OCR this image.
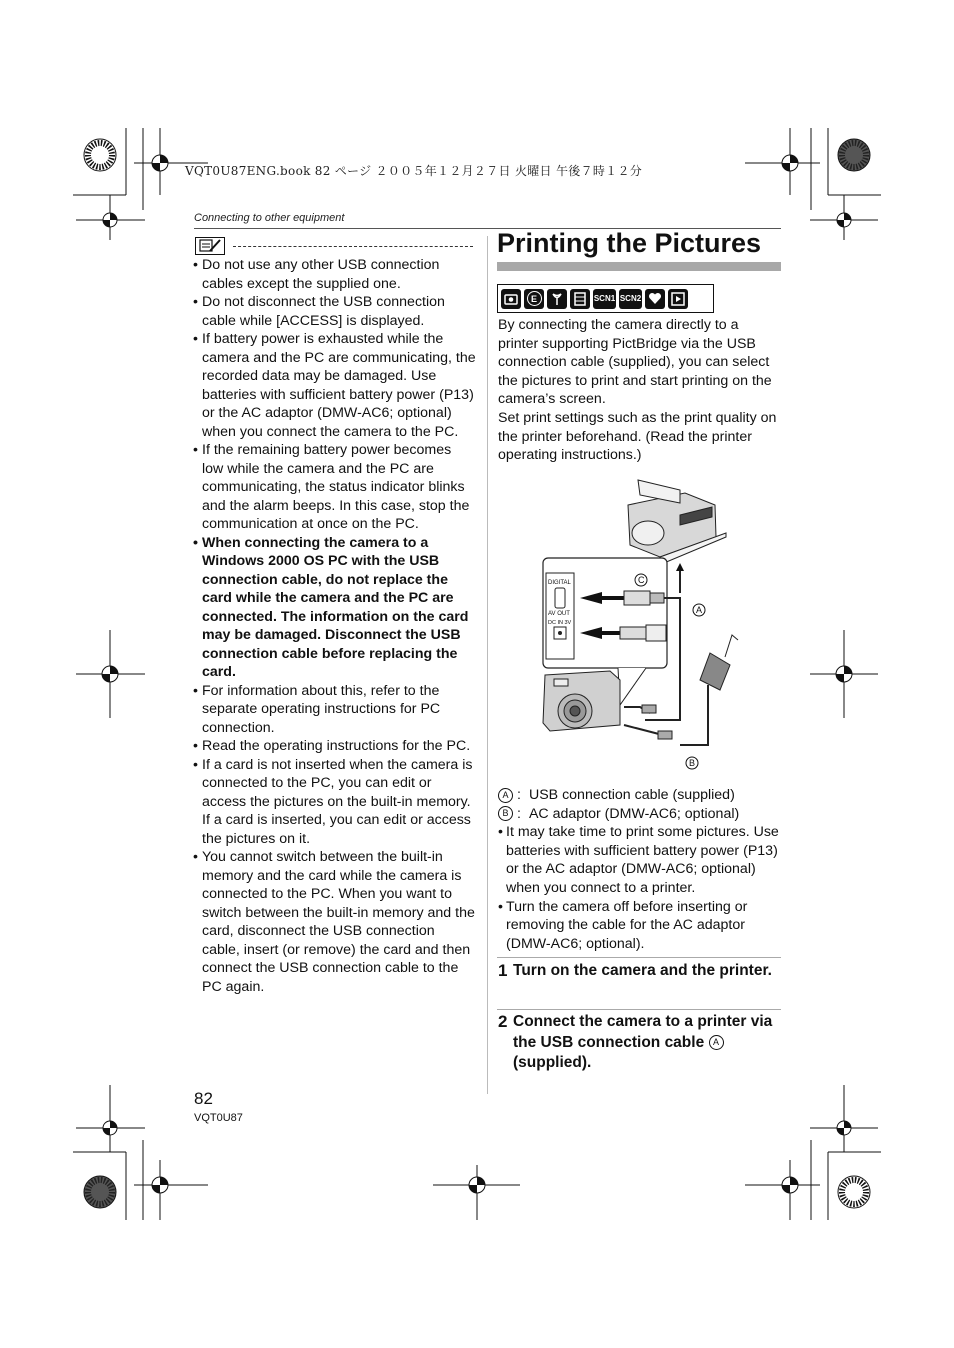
VQT0U87ENG.book 82 ページ ２００５年１２月２７日 火曜日 午後７時１２分
Connecting to other equipment
• Do not use any other USB connection cables except the supplied one.
• Do not disconnect the USB connection cable while [ACCESS] is displayed.
• If battery power is exhausted while the camera and the PC are communicating, the recorded data may be damaged. Use batteries with sufficient battery power (P13) or the AC adaptor (DMW-AC6; optional) when you connect the camera to the PC.
• If the remaining battery power becomes low while the camera and the PC are communicating, the status indicator blinks and the alarm beeps. In this case, stop the communication at once on the PC.
• When connecting the camera to a Windows 2000 OS PC with the USB connection cable, do not replace the card while the camera and the PC are connected. The information on the card may be damaged. Disconnect the USB connection cable before replacing the card.
• For information about this, refer to the separate operating instructions for PC connection.
• Read the operating instructions for the PC.
• If a card is not inserted when the camera is connected to the PC, you can edit or access the pictures on the built-in memory. If a card is inserted, you can edit or access the pictures on it.
• You cannot switch between the built-in memory and the card while the camera is connected to the PC. When you want to switch between the built-in memory and the card, disconnect the USB connection cable, insert (or remove) the card and then connect the USB connection cable to the PC again.
Printing the Pictures
E	SCN1 SCN2

By connecting the camera directly to a printer supporting PictBridge via the USB connection cable (supplied), you can select the pictures to print and start printing on the camera’s screen.

Set print settings such as the print quality on the printer beforehand. (Read the printer operating instructions.)

DIGITAL
AV OUT
DC IN 3V
C
A
B
A : USB connection cable (supplied)
B : AC adaptor (DMW-AC6; optional)
• It may take time to print some pictures. Use batteries with sufficient battery power (P13) or the AC adaptor (DMW-AC6; optional) when you connect to a printer.
• Turn the camera off before inserting or removing the cable for the AC adaptor (DMW-AC6; optional).
1 Turn on the camera and the printer.
2 Connect the camera to a printer via the USB connection cable A (supplied).
82
VQT0U87
